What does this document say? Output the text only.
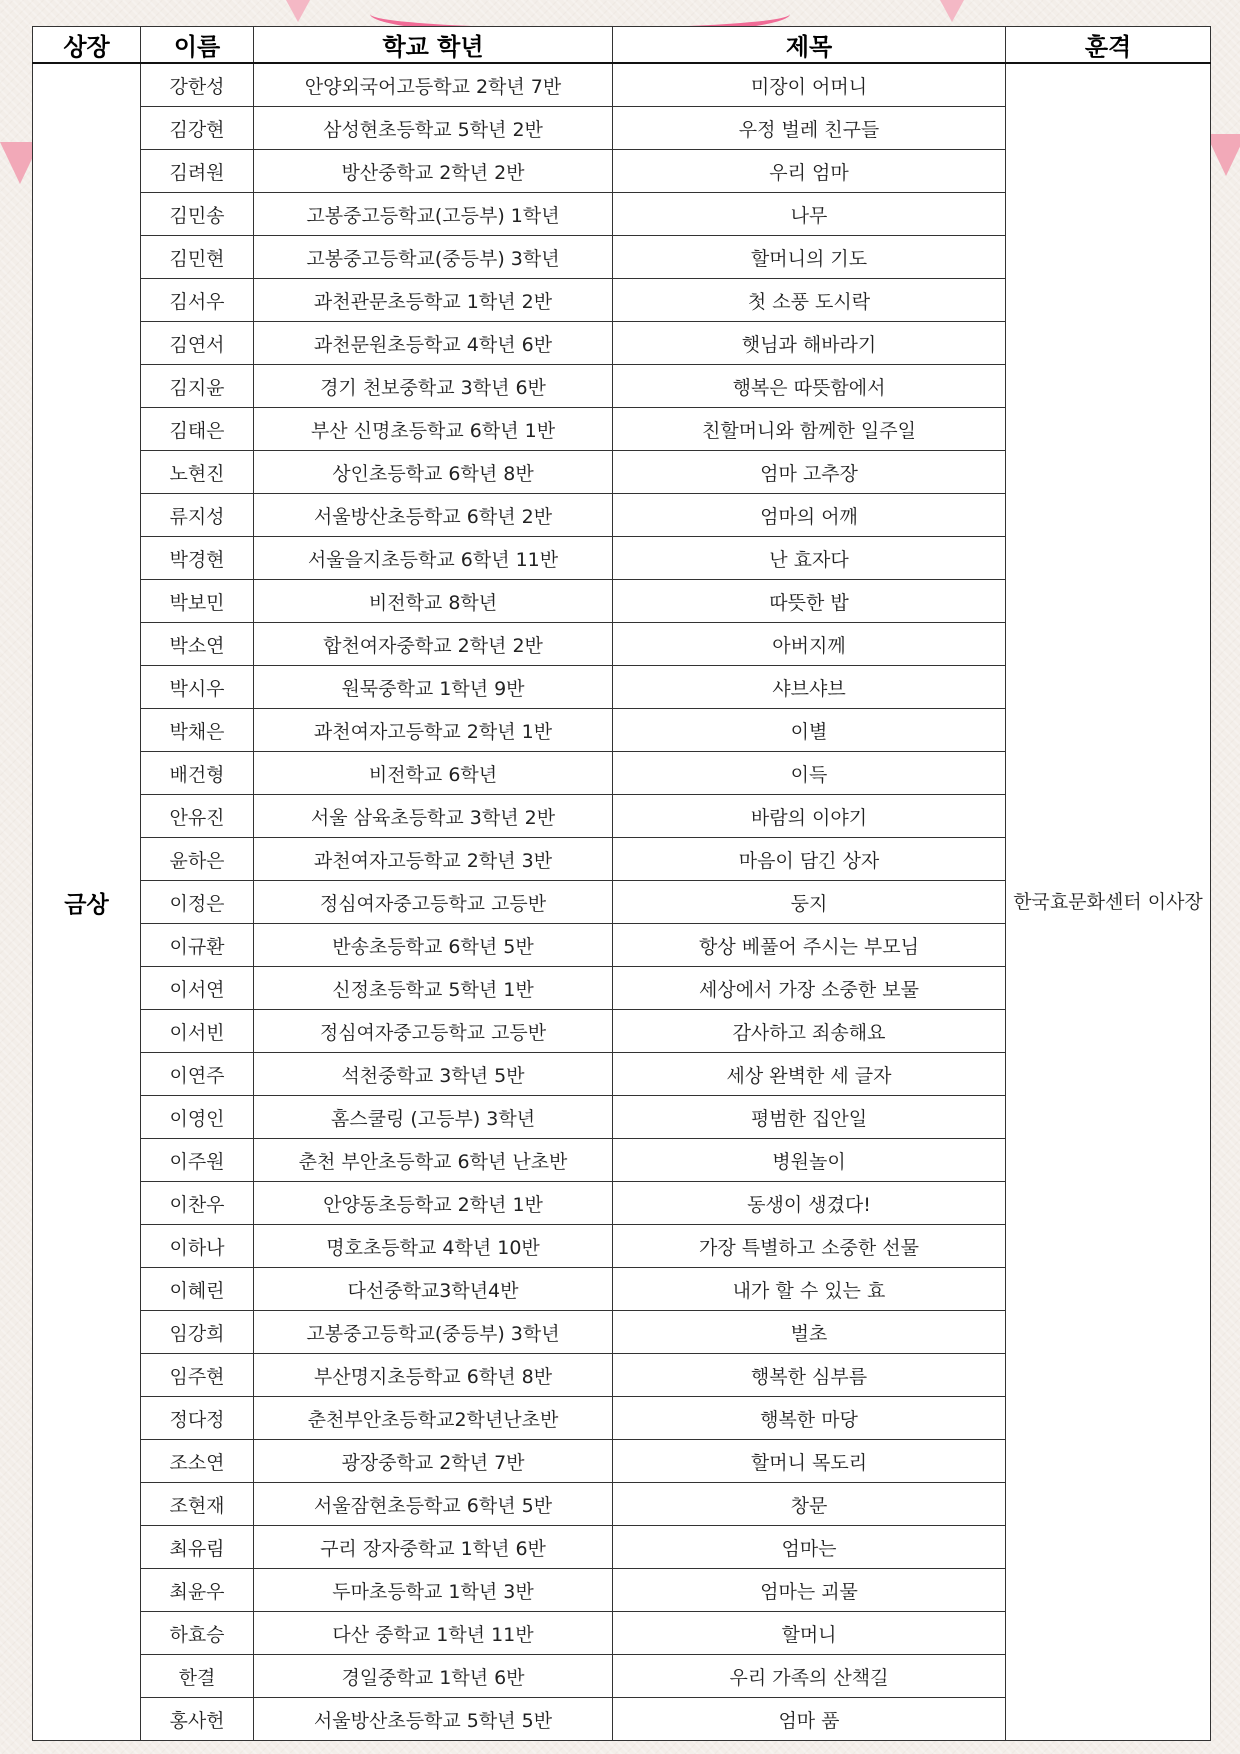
상장	이름	학교 학년	제목	훈격
금상	강한성	안양외국어고등학교 2학년 7반	미장이 어머니	한국효문화센터 이사장
	김강현	삼성현초등학교 5학년 2반	우정 벌레 친구들	
	김려원	방산중학교 2학년 2반	우리 엄마	
	김민송	고봉중고등학교(고등부) 1학년	나무	
	김민현	고봉중고등학교(중등부) 3학년	할머니의 기도	
	김서우	과천관문초등학교 1학년 2반	첫 소풍 도시락	
	김연서	과천문원초등학교 4학년 6반	햇님과 해바라기	
	김지윤	경기 천보중학교 3학년 6반	행복은 따뜻함에서	
	김태은	부산 신명초등학교 6학년 1반	친할머니와 함께한 일주일	
	노현진	상인초등학교 6학년 8반	엄마 고추장	
	류지성	서울방산초등학교 6학년 2반	엄마의 어깨	
	박경현	서울을지초등학교 6학년 11반	난 효자다	
	박보민	비전학교 8학년	따뜻한 밥	
	박소연	합천여자중학교 2학년 2반	아버지께	
	박시우	원묵중학교 1학년 9반	샤브샤브	
	박채은	과천여자고등학교 2학년 1반	이별	
	배건형	비전학교 6학년	이득	
	안유진	서울 삼육초등학교 3학년 2반	바람의 이야기	
	윤하은	과천여자고등학교 2학년 3반	마음이 담긴 상자	
	이정은	정심여자중고등학교 고등반	둥지	
	이규환	반송초등학교 6학년 5반	항상 베풀어 주시는 부모님	
	이서연	신정초등학교 5학년 1반	세상에서 가장 소중한 보물	
	이서빈	정심여자중고등학교 고등반	감사하고 죄송해요	
	이연주	석천중학교 3학년 5반	세상 완벽한 세 글자	
	이영인	홈스쿨링 (고등부) 3학년	평범한 집안일	
	이주원	춘천 부안초등학교 6학년 난초반	병원놀이	
	이찬우	안양동초등학교 2학년 1반	동생이 생겼다!	
	이하나	명호초등학교 4학년 10반	가장 특별하고 소중한 선물	
	이혜린	다선중학교3학년4반	내가 할 수 있는 효	
	임강희	고봉중고등학교(중등부) 3학년	벌초	
	임주현	부산명지초등학교 6학년 8반	행복한 심부름	
	정다정	춘천부안초등학교2학년난초반	행복한 마당	
	조소연	광장중학교 2학년 7반	할머니 목도리	
	조현재	서울잠현초등학교 6학년 5반	창문	
	최유림	구리 장자중학교 1학년 6반	엄마는	
	최윤우	두마초등학교 1학년 3반	엄마는 괴물	
	하효승	다산 중학교 1학년 11반	할머니	
	한결	경일중학교 1학년 6반	우리 가족의 산책길	
	홍사헌	서울방산초등학교 5학년 5반	엄마 품	
